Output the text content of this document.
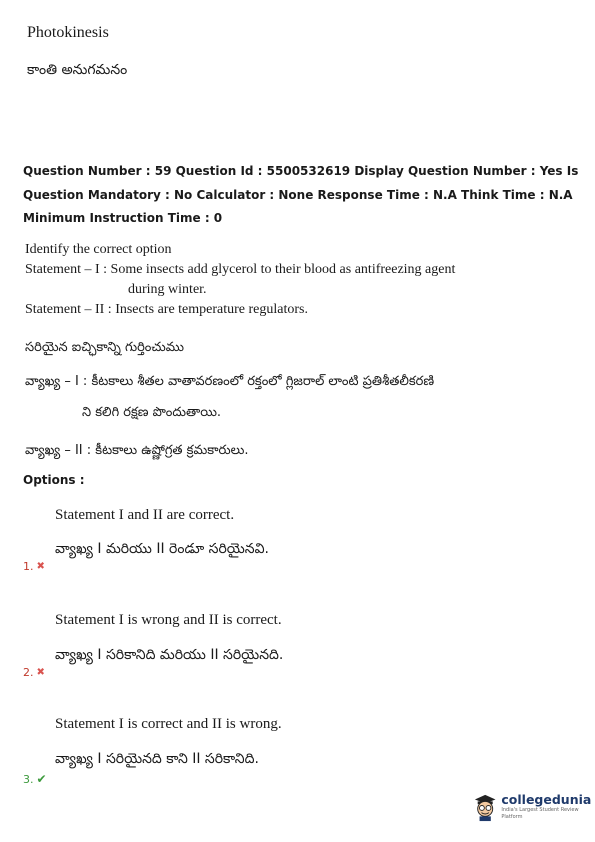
Photokinesis
కాంతి అనుగమనం
Question Number : 59 Question Id : 5500532619 Display Question Number : Yes Is Question Mandatory : No Calculator : None Response Time : N.A Think Time : N.A Minimum Instruction Time : 0
Identify the correct option
Statement – I : Some insects add glycerol to their blood as antifreezing agent
during winter.
Statement – II : Insects are temperature regulators.
సరియైన ఐచ్ఛికాన్ని గుర్తించుము
వ్యాఖ్య – I : కీటకాలు శీతల వాతావరణంలో రక్తంలో గ్లిజరాల్ లాంటి ప్రతిశీతలీకరణి
ని కలిగి రక్షణ పొందుతాయి.
వ్యాఖ్య – II : కీటకాలు ఉష్ణోగ్రత క్రమకారులు.
Options :
Statement I and II are correct.
వ్యాఖ్య I మరియు II రెండూ సరియైనవి.
1. ✖
Statement I is wrong and II is correct.
వ్యాఖ్య I సరికానిది మరియు II సరియైనది.
2. ✖
Statement I is correct and II is wrong.
వ్యాఖ్య I సరియైనది కాని II సరికానిది.
3. ✔
collegedunia
India's Largest Student Review Platform
